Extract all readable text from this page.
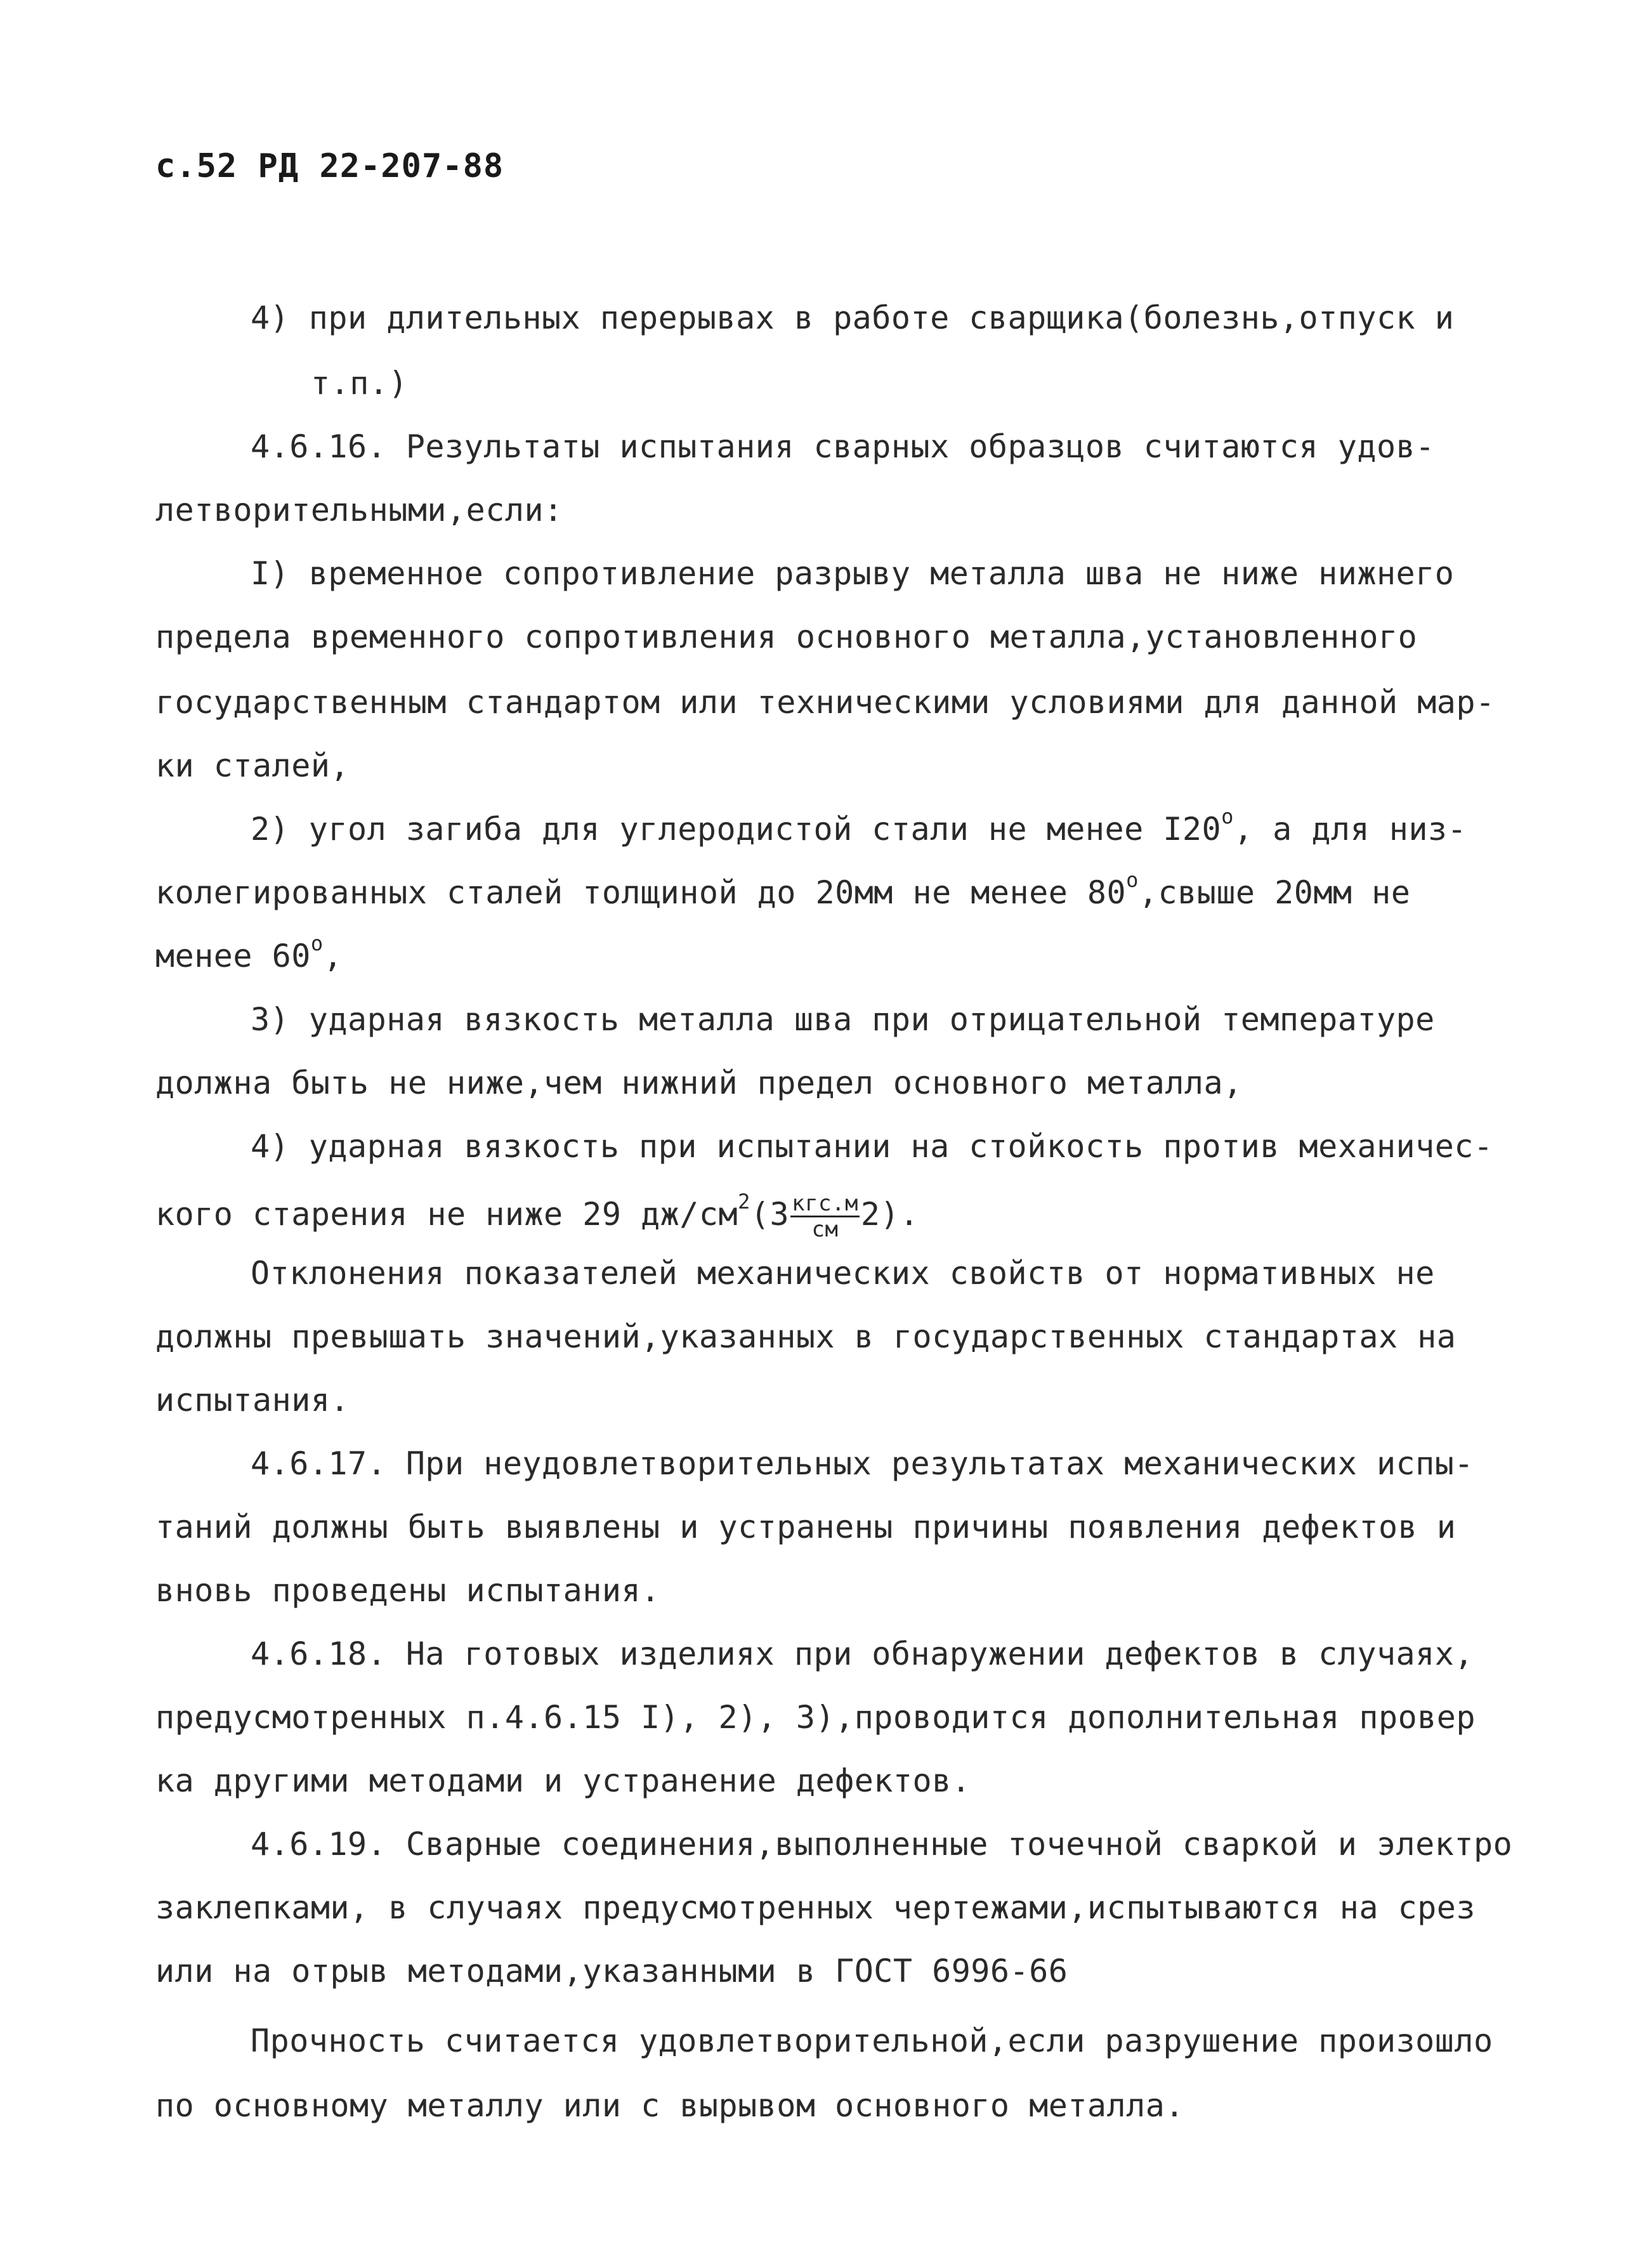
с.52 РД 22-207-88
4) при длительных перерывах в работе сварщика(болезнь,отпуск и
т.п.)
4.6.16. Результаты испытания сварных образцов считаются удов-
летворительными,если:
I) временное сопротивление разрыву металла шва не ниже нижнего
предела временного сопротивления основного металла,установленного
государственным стандартом или техническими условиями для данной мар-
ки сталей,
2) угол загиба для углеродистой стали не менее I20$^o$, а для низ-
колегированных сталей толщиной до 20мм не менее 80$^o$,свыше 20мм не
менее 60$^o$,
3) ударная вязкость металла шва при отрицательной температуре
должна быть не ниже,чем нижний предел основного металла,
4) ударная вязкость при испытании на стойкость против механичес-
кого старения не ниже 29 $дж/см^2(3 \frac{\text{кгс.м}}{см} 2)$.
Отклонения показателей механических свойств от нормативных не
должны превышать значений,указанных в государственных стандартах на
испытания.
4.6.17. При неудовлетворительных результатах механических испы-
таний должны быть выявлены и устранены причины появления дефектов и
вновь проведены испытания.
4.6.18. На готовых изделиях при обнаружении дефектов в случаях,
предусмотренных п.4.6.15 I), 2), 3),проводится дополнительная провер
ка другими методами и устранение дефектов.
4.6.19. Сварные соединения,выполненные точечной сваркой и электро
заклепками, в случаях предусмотренных чертежами,испытываются на срез
или на отрыв методами,указанными в ГОСТ 6996-66
Прочность считается удовлетворительной,если разрушение произошло
по основному металлу или с вырывом основного металла.
